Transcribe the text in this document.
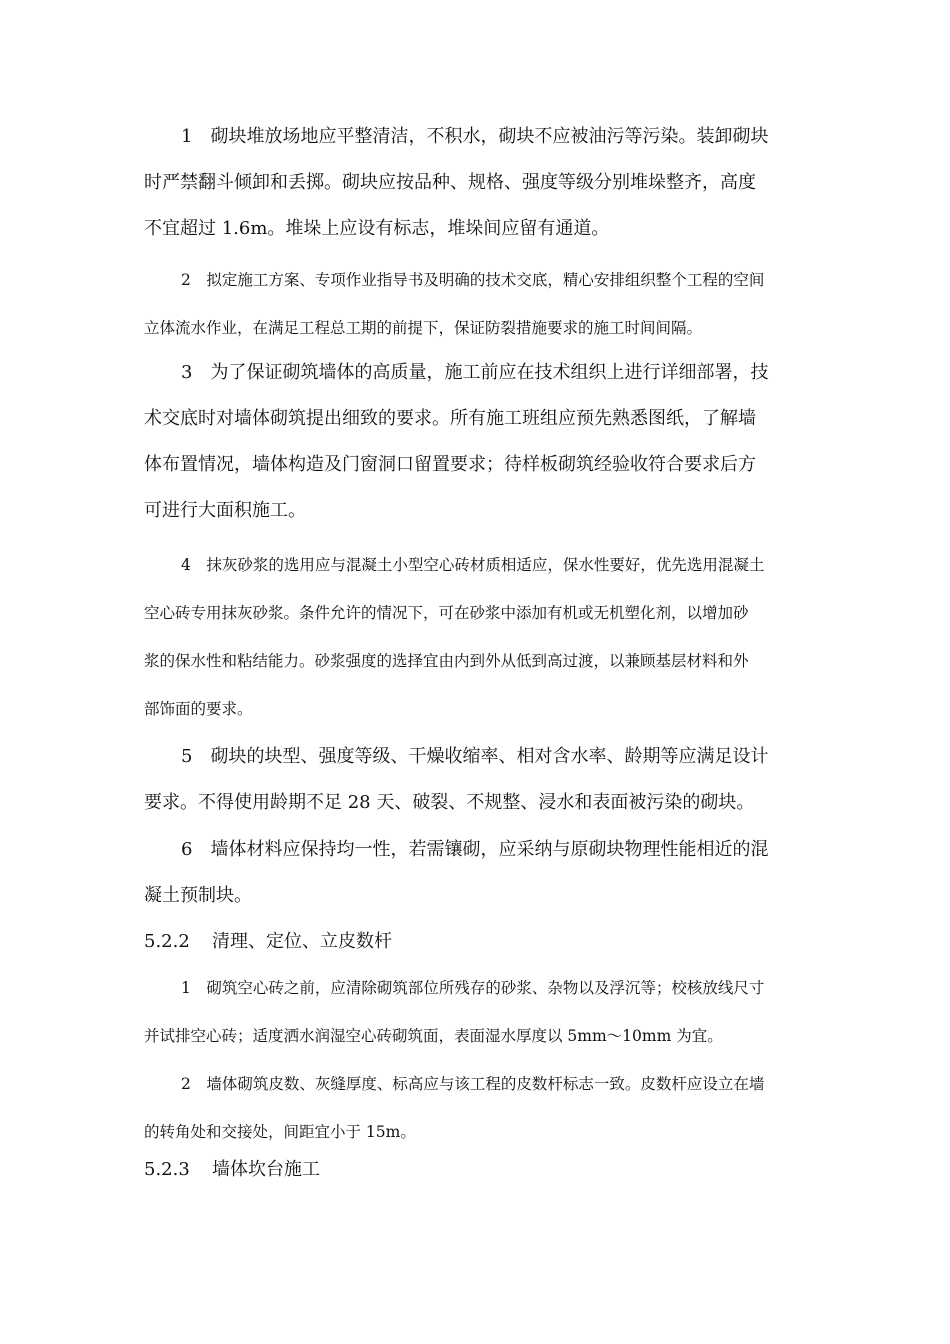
1　砌块堆放场地应平整清洁，不积水，砌块不应被油污等污染。装卸砌块
时严禁翻斗倾卸和丢掷。砌块应按品种、规格、强度等级分别堆垛整齐，高度
不宜超过 1.6m。堆垛上应设有标志，堆垛间应留有通道。
2　拟定施工方案、专项作业指导书及明确的技术交底，精心安排组织整个工程的空间
立体流水作业，在满足工程总工期的前提下，保证防裂措施要求的施工时间间隔。
3　为了保证砌筑墙体的高质量，施工前应在技术组织上进行详细部署，技
术交底时对墙体砌筑提出细致的要求。所有施工班组应预先熟悉图纸，了解墙
体布置情况，墙体构造及门窗洞口留置要求；待样板砌筑经验收符合要求后方
可进行大面积施工。
4　抹灰砂浆的选用应与混凝土小型空心砖材质相适应，保水性要好，优先选用混凝土
空心砖专用抹灰砂浆。条件允许的情况下，可在砂浆中添加有机或无机塑化剂，以增加砂
浆的保水性和粘结能力。砂浆强度的选择宜由内到外从低到高过渡，以兼顾基层材料和外
部饰面的要求。
5　砌块的块型、强度等级、干燥收缩率、相对含水率、龄期等应满足设计
要求。不得使用龄期不足 28 天、破裂、不规整、浸水和表面被污染的砌块。
6　墙体材料应保持均一性，若需镶砌，应采纳与原砌块物理性能相近的混
凝土预制块。
5.2.2 清理、定位、立皮数杆
1　砌筑空心砖之前，应清除砌筑部位所残存的砂浆、杂物以及浮沉等；校核放线尺寸
并试排空心砖；适度洒水润湿空心砖砌筑面，表面湿水厚度以 5mm～10mm 为宜。
2　墙体砌筑皮数、灰缝厚度、标高应与该工程的皮数杆标志一致。皮数杆应设立在墙
的转角处和交接处，间距宜小于 15m。
5.2.3 墙体坎台施工
